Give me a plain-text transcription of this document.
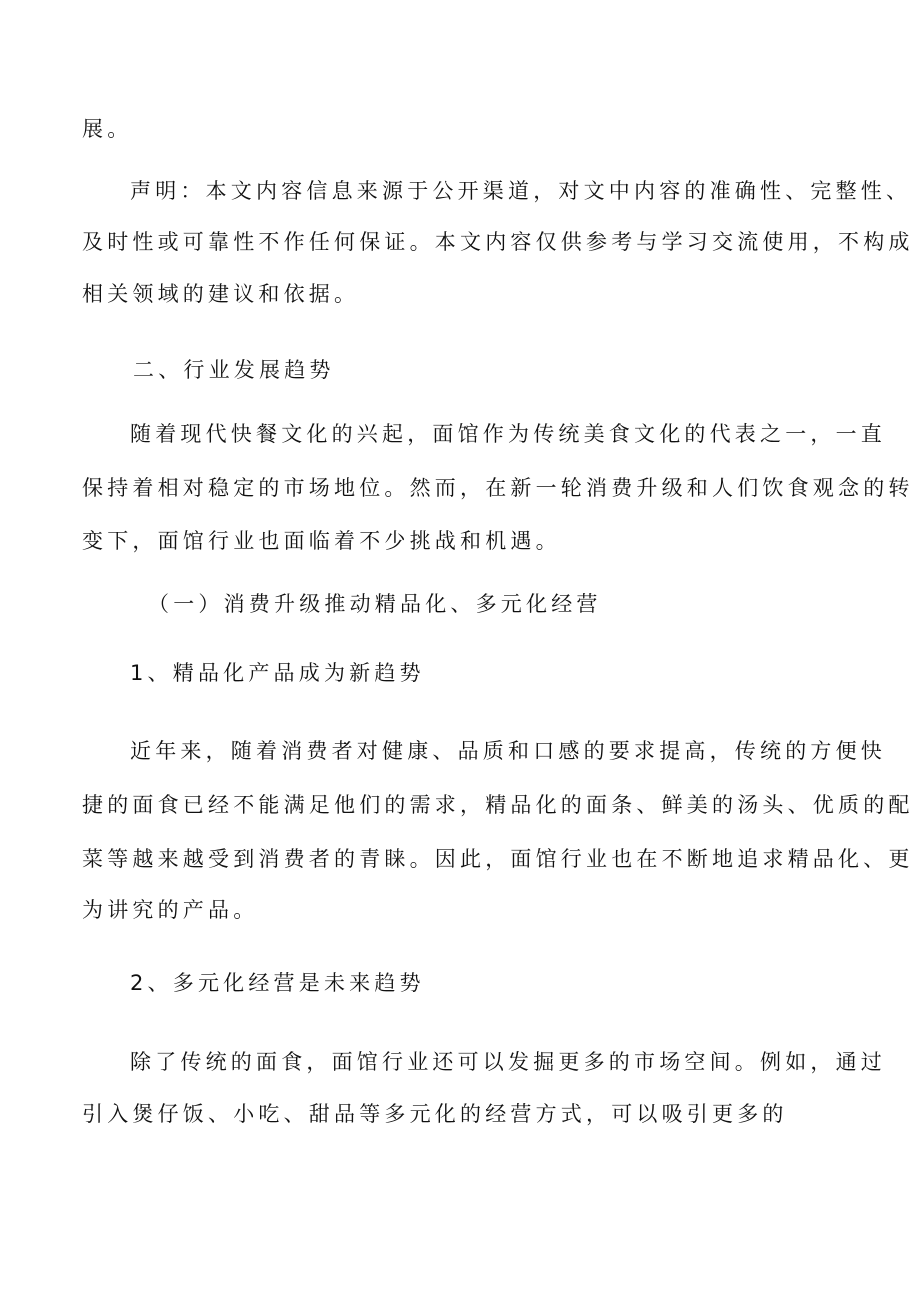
展。

声明：本文内容信息来源于公开渠道，对文中内容的准确性、完整性、

及时性或可靠性不作任何保证。本文内容仅供参考与学习交流使用，不构成

相关领域的建议和依据。

二、行业发展趋势

随着现代快餐文化的兴起，面馆作为传统美食文化的代表之一，一直

保持着相对稳定的市场地位。然而，在新一轮消费升级和人们饮食观念的转

变下，面馆行业也面临着不少挑战和机遇。

（一）消费升级推动精品化、多元化经营

1、精品化产品成为新趋势

近年来，随着消费者对健康、品质和口感的要求提高，传统的方便快

捷的面食已经不能满足他们的需求，精品化的面条、鲜美的汤头、优质的配

菜等越来越受到消费者的青睐。因此，面馆行业也在不断地追求精品化、更

为讲究的产品。

2、多元化经营是未来趋势

除了传统的面食，面馆行业还可以发掘更多的市场空间。例如，通过

引入煲仔饭、小吃、甜品等多元化的经营方式，可以吸引更多的
